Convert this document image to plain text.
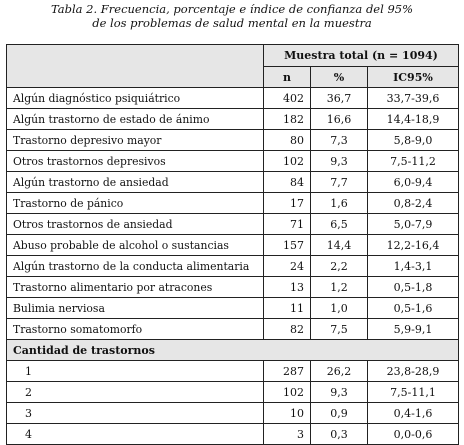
Tabla 2. Frecuencia, porcentaje e índice de confianza del 95%
de los problemas de salud mental en la muestra
	Muestra total (n = 1094)		
	n	%	IC95%
Algún diagnóstico psiquiátrico	402	36,7	33,7-39,6
Algún trastorno de estado de ánimo	182	16,6	14,4-18,9
Trastorno depresivo mayor	80	7,3	5,8-9,0
Otros trastornos depresivos	102	9,3	7,5-11,2
Algún trastorno de ansiedad	84	7,7	6,0-9,4
Trastorno de pánico	17	1,6	0,8-2,4
Otros trastornos de ansiedad	71	6,5	5,0-7,9
Abuso probable de alcohol o sustancias	157	14,4	12,2-16,4
Algún trastorno de la conducta alimentaria	24	2,2	1,4-3,1
Trastorno alimentario por atracones	13	1,2	0,5-1,8
Bulimia nerviosa	11	1,0	0,5-1,6
Trastorno somatomorfo	82	7,5	5,9-9,1
Cantidad de trastornos			
1	287	26,2	23,8-28,9
2	102	9,3	7,5-11,1
3	10	0,9	0,4-1,6
4	3	0,3	0,0-0,6
